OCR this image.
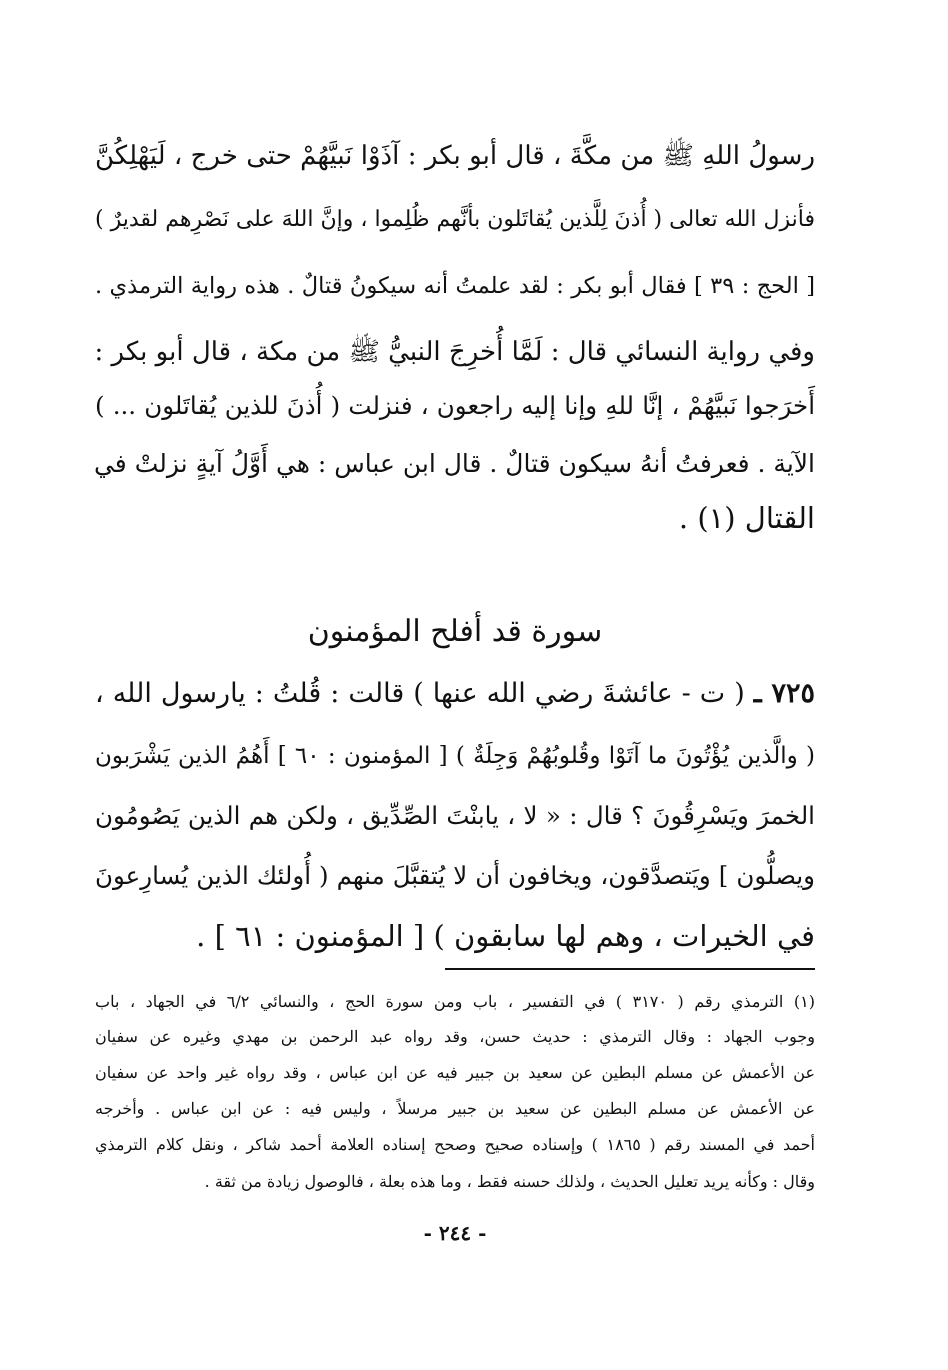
رسولُ اللهِ ﷺ من مكَّةَ ، قال أبو بكر : آذَوْا نَبيَّهُمْ حتى خرج ، لَيَهْلِكُنَّ
فأنزل الله تعالى ( أُذنَ لِلَّذين يُقاتَلون بأنَّهم ظُلِموا ، وإنَّ اللهَ على نَصْرِهم لقديرٌ )
[ الحج : ٣٩ ] فقال أبو بكر : لقد علمتُ أنه سيكونُ قتالٌ . هذه رواية الترمذي .
وفي رواية النسائي قال : لَمَّا أُخرِجَ النبيُّ ﷺ من مكة ، قال أبو بكر :
أَخرَجوا نَبيَّهُمْ ، إنَّا للهِ وإنا إليه راجعون ، فنزلت ( أُذنَ للذين يُقاتَلون ... )
الآية . فعرفتُ أنهُ سيكون قتالٌ . قال ابن عباس : هي أَوَّلُ آيةٍ نزلتْ في
القتال (١) .
سورة قد أفلح المؤمنون
٧٢٥ ـ ( ت - عائشةَ رضي الله عنها ) قالت : قُلتُ : يارسول الله ،
( والَّذين يُؤْتُونَ ما آتَوْا وقُلوبُهُمْ وَجِلَةٌ ) [ المؤمنون : ٦٠ ] أَهُمُ الذين يَشْرَبون
الخمرَ ويَسْرِقُونَ ؟ قال : « لا ، يابنْتَ الصِّدِّيق ، ولكن هم الذين يَصُومُون
ويصلُّون ] ويَتصدَّقون، ويخافون أن لا يُتقبَّلَ منهم ( أُولئك الذين يُسارِعونَ
في الخيرات ، وهم لها سابقون ) [ المؤمنون : ٦١ ] .
(١) الترمذي رقم ( ٣١٧٠ ) في التفسير ، باب ومن سورة الحج ، والنسائي ٦/٢ في الجهاد ، باب
وجوب الجهاد : وقال الترمذي : حديث حسن، وقد رواه عبد الرحمن بن مهدي وغيره عن سفيان
عن الأعمش عن مسلم البطين عن سعيد بن جبير فيه عن ابن عباس ، وقد رواه غير واحد عن سفيان
عن الأعمش عن مسلم البطين عن سعيد بن جبير مرسلاً ، وليس فيه : عن ابن عباس . وأخرجه
أحمد في المسند رقم ( ١٨٦٥ ) وإسناده صحيح وصحح إسناده العلامة أحمد شاكر ، ونقل كلام الترمذي
وقال : وكأنه يريد تعليل الحديث ، ولذلك حسنه فقط ، وما هذه بعلة ، فالوصول زيادة من ثقة .
- ٢٤٤ -
